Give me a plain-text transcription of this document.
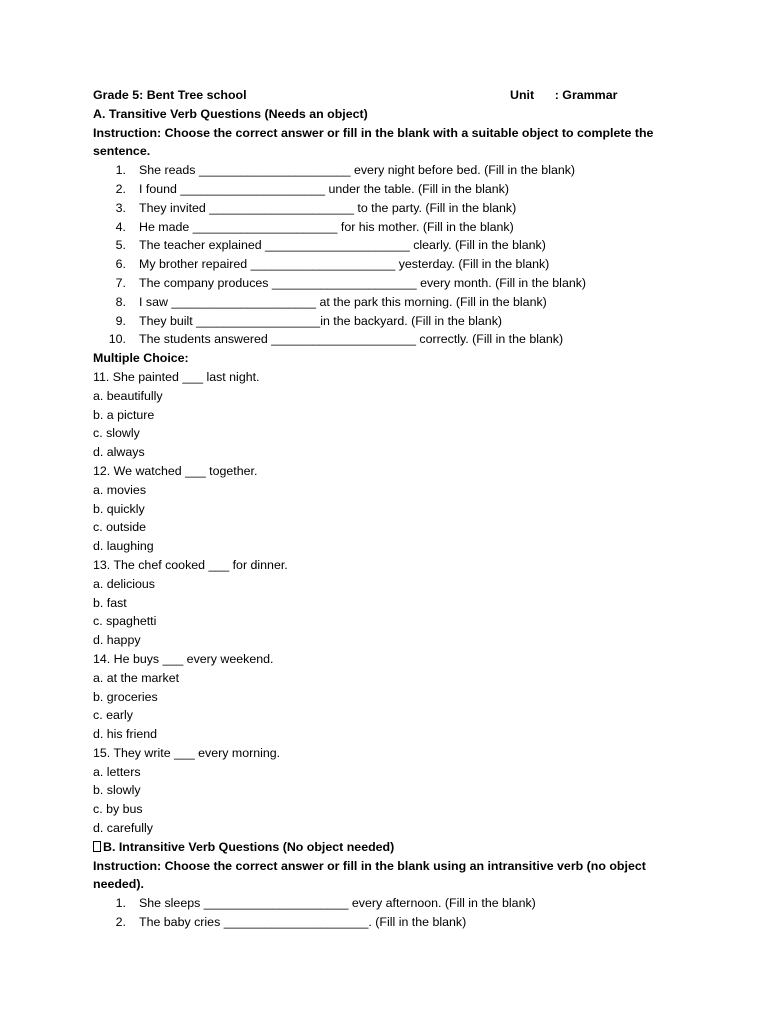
Grade 5: Bent Tree school	Unit      : Grammar
A. Transitive Verb Questions (Needs an object)
Instruction: Choose the correct answer or fill in the blank with a suitable object to complete the sentence.
1. She reads ______________________ every night before bed. (Fill in the blank)
2. I found _____________________ under the table. (Fill in the blank)
3. They invited _____________________ to the party. (Fill in the blank)
4. He made _____________________ for his mother. (Fill in the blank)
5. The teacher explained _____________________ clearly. (Fill in the blank)
6. My brother repaired _____________________ yesterday. (Fill in the blank)
7. The company produces _____________________ every month. (Fill in the blank)
8. I saw _____________________ at the park this morning. (Fill in the blank)
9. They built __________________in the backyard. (Fill in the blank)
10. The students answered _____________________ correctly. (Fill in the blank)
Multiple Choice:
11. She painted ___ last night.
a. beautifully
b. a picture
c. slowly
d. always
12. We watched ___ together.
a. movies
b. quickly
c. outside
d. laughing
13. The chef cooked ___ for dinner.
a. delicious
b. fast
c. spaghetti
d. happy
14. He buys ___ every weekend.
a. at the market
b. groceries
c. early
d. his friend
15. They write ___ every morning.
a. letters
b. slowly
c. by bus
d. carefully
B. Intransitive Verb Questions (No object needed)
Instruction: Choose the correct answer or fill in the blank using an intransitive verb (no object needed).
1. She sleeps _____________________ every afternoon. (Fill in the blank)
2. The baby cries _____________________. (Fill in the blank)
